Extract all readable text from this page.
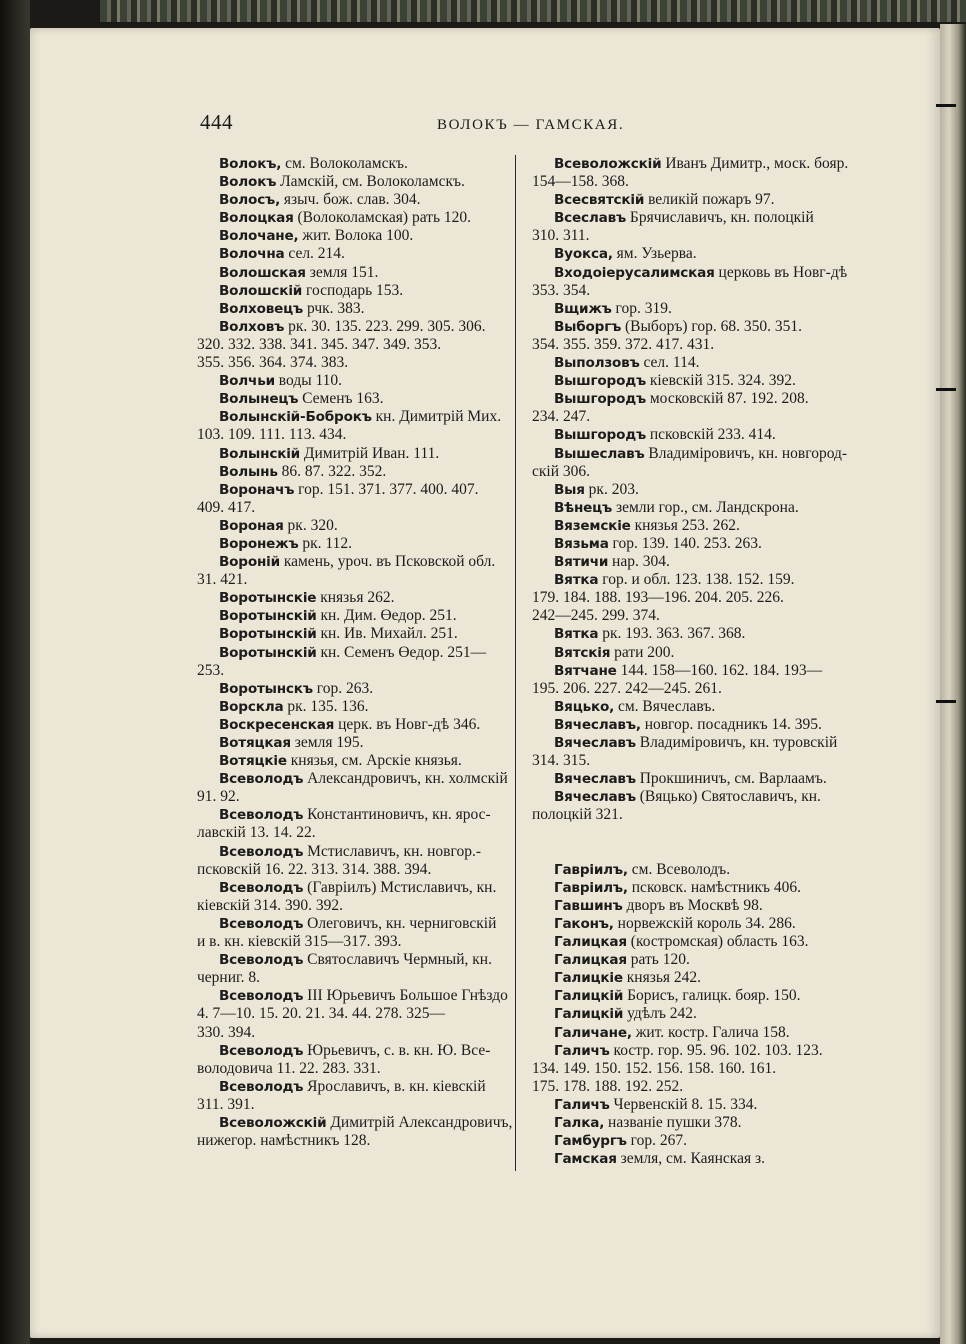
444	ВОЛОКЪ — ГАМСКАЯ.
Волокъ, см. Волоколамскъ.
Волокъ Ламскій, см. Волоколамскъ.
Волосъ, языч. бож. слав. 304.
Волоцкая (Волоколамская) рать 120.
Волочане, жит. Волока 100.
Волочна сел. 214.
Волошская земля 151.
Волошскій господарь 153.
Волховецъ рчк. 383.
Волховъ рк. 30. 135. 223. 299. 305. 306.
320. 332. 338. 341. 345. 347. 349. 353.
355. 356. 364. 374. 383.
Волчьи воды 110.
Волынецъ Семенъ 163.
Волынскій-Боброкъ кн. Димитрій Мих.
103. 109. 111. 113. 434.
Волынскій Димитрій Иван. 111.
Волынь 86. 87. 322. 352.
Вороначъ гор. 151. 371. 377. 400. 407.
409. 417.
Вороная рк. 320.
Воронежъ рк. 112.
Вороній камень, уроч. въ Псковской обл.
31. 421.
Воротынскіе князья 262.
Воротынскій кн. Дим. Өедор. 251.
Воротынскій кн. Ив. Михайл. 251.
Воротынскій кн. Семенъ Өедор. 251—
253.
Воротынскъ гор. 263.
Ворскла рк. 135. 136.
Воскресенская церк. въ Новг-дѣ 346.
Вотяцкая земля 195.
Вотяцкіе князья, см. Арскіе князья.
Всеволодъ Александровичъ, кн. холмскій
91. 92.
Всеволодъ Константиновичъ, кн. ярос-
лавскій 13. 14. 22.
Всеволодъ Мстиславичъ, кн. новгор.-
псковскій 16. 22. 313. 314. 388. 394.
Всеволодъ (Гавріилъ) Мстиславичъ, кн.
кіевскій 314. 390. 392.
Всеволодъ Олеговичъ, кн. черниговскій
и в. кн. кіевскій 315—317. 393.
Всеволодъ Святославичъ Чермный, кн.
черниг. 8.
Всеволодъ III Юрьевичъ Большое Гнѣздо
4. 7—10. 15. 20. 21. 34. 44. 278. 325—
330. 394.
Всеволодъ Юрьевичъ, с. в. кн. Ю. Все-
володовича 11. 22. 283. 331.
Всеволодъ Ярославичъ, в. кн. кіевскій
311. 391.
Всеволожскій Димитрій Александровичъ,
нижегор. намѣстникъ 128.
Всеволожскій Иванъ Димитр., моск. бояр.
154—158. 368.
Всесвятскій великій пожаръ 97.
Всеславъ Брячиславичъ, кн. полоцкій
310. 311.
Вуокса, ям. Узьерва.
Входоіерусалимская церковь въ Новг-дѣ
353. 354.
Вщижъ гор. 319.
Выборгъ (Выборъ) гор. 68. 350. 351.
354. 355. 359. 372. 417. 431.
Выползовъ сел. 114.
Вышгородъ кіевскій 315. 324. 392.
Вышгородъ московскій 87. 192. 208.
234. 247.
Вышгородъ псковскій 233. 414.
Вышеславъ Владиміровичъ, кн. новгород-
скій 306.
Выя рк. 203.
Вѣнецъ земли гор., см. Ландскрона.
Вяземскіе князья 253. 262.
Вязьма гор. 139. 140. 253. 263.
Вятичи нар. 304.
Вятка гор. и обл. 123. 138. 152. 159.
179. 184. 188. 193—196. 204. 205. 226.
242—245. 299. 374.
Вятка рк. 193. 363. 367. 368.
Вятскія рати 200.
Вятчане 144. 158—160. 162. 184. 193—
195. 206. 227. 242—245. 261.
Вяцько, см. Вячеславъ.
Вячеславъ, новгор. посадникъ 14. 395.
Вячеславъ Владиміровичъ, кн. туровскій
314. 315.
Вячеславъ Прокшиничъ, см. Варлаамъ.
Вячеславъ (Вяцько) Святославичъ, кн.
полоцкій 321.
Гавріилъ, см. Всеволодъ.
Гавріилъ, псковск. намѣстникъ 406.
Гавшинъ дворъ въ Москвѣ 98.
Гаконъ, норвежскій король 34. 286.
Галицкая (костромская) область 163.
Галицкая рать 120.
Галицкіе князья 242.
Галицкій Борисъ, галицк. бояр. 150.
Галицкій удѣлъ 242.
Галичане, жит. костр. Галича 158.
Галичъ костр. гор. 95. 96. 102. 103. 123.
134. 149. 150. 152. 156. 158. 160. 161.
175. 178. 188. 192. 252.
Галичъ Червенскій 8. 15. 334.
Галка, названіе пушки 378.
Гамбургъ гор. 267.
Гамская земля, см. Каянская з.
